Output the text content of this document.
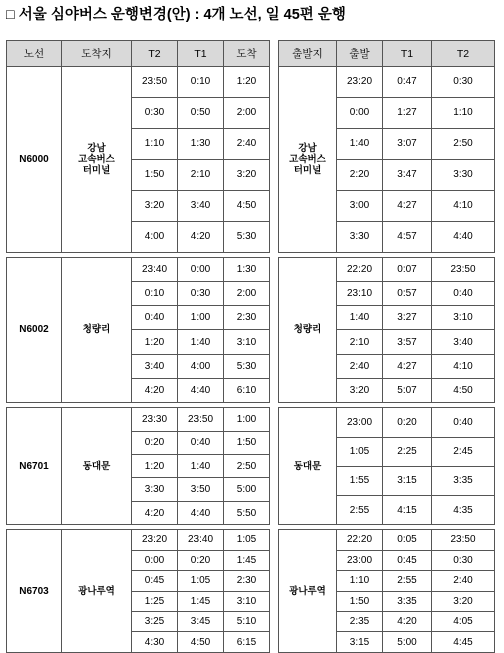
□ 서울 심야버스 운행변경(안) : 4개 노선, 일 45편 운행
노선	도착지	T2	T1	도착		출발지	출발	T1	T2
N6000	강남
고속버스
터미널	23:50	0:10	1:20		강남
고속버스
터미널	23:20	0:47	0:30

		0:30	0:50	2:00			0:00	1:27	1:10

		1:10	1:30	2:40			1:40	3:07	2:50

		1:50	2:10	3:20			2:20	3:47	3:30

		3:20	3:40	4:50			3:00	4:27	4:10

		4:00	4:20	5:30			3:30	4:57	4:40

N6002	청량리	23:40	0:00	1:30		청량리	22:20	0:07	23:50

		0:10	0:30	2:00			23:10	0:57	0:40

		0:40	1:00	2:30			1:40	3:27	3:10

		1:20	1:40	3:10			2:10	3:57	3:40

		3:40	4:00	5:30			2:40	4:27	4:10

		4:20	4:40	6:10			3:20	5:07	4:50

N6701	동대문	23:30	23:50	1:00		동대문	23:00	0:20	0:40

		0:20	0:40	1:50					
							1:05	2:25	2:45

		1:20	1:40	2:50					

							1:55	3:15	3:35

		3:30	3:50	5:00					

							2:55	4:15	4:35
		4:20	4:40	5:50					

N6703	광나루역	23:20	23:40	1:05		광나루역	22:20	0:05	23:50

		0:00	0:20	1:45			23:00	0:45	0:30

		0:45	1:05	2:30			1:10	2:55	2:40

		1:25	1:45	3:10			1:50	3:35	3:20

		3:25	3:45	5:10			2:35	4:20	4:05

		4:30	4:50	6:15			3:15	5:00	4:45
